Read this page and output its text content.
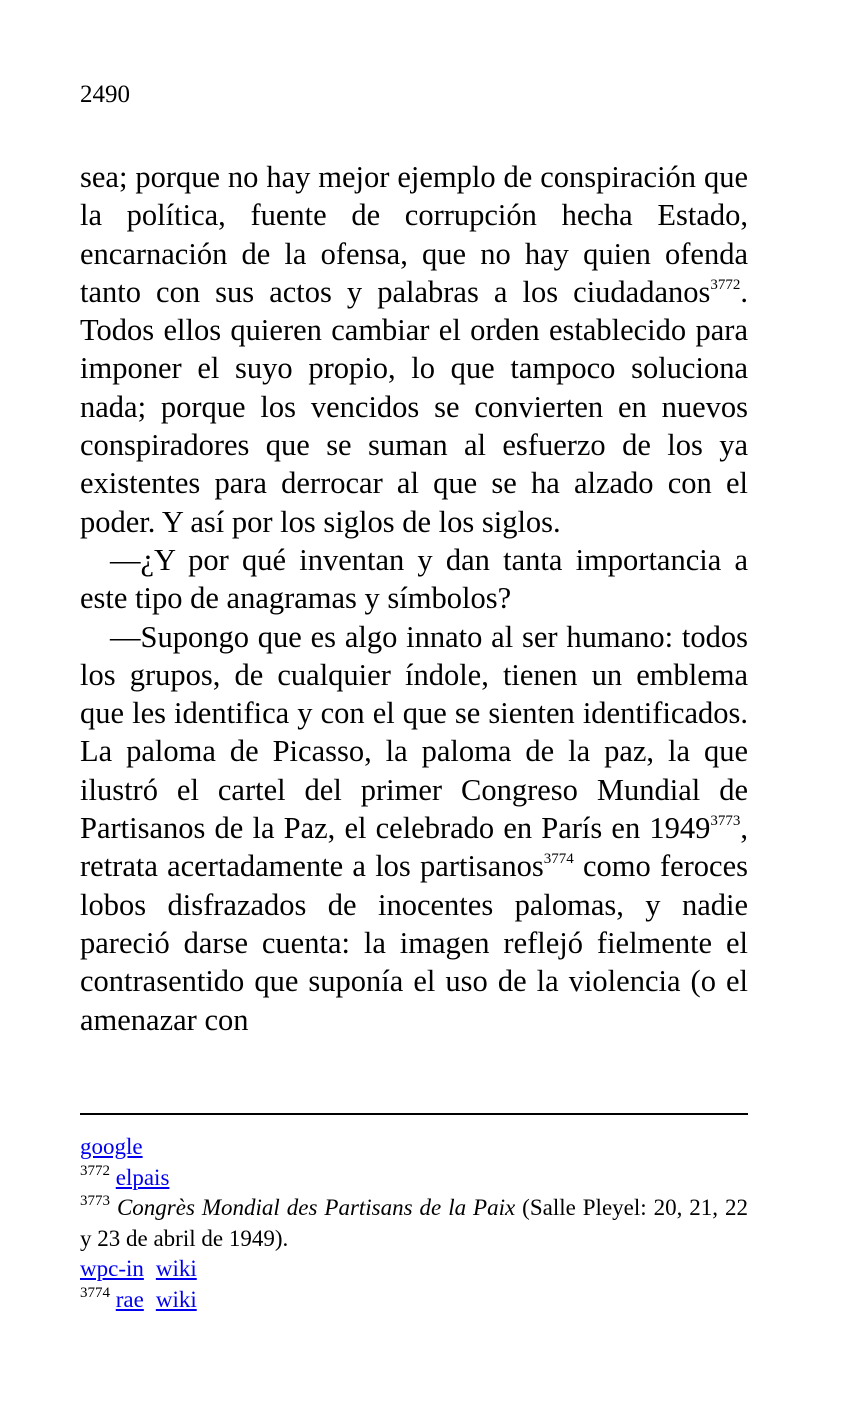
2490

sea; porque no hay mejor ejemplo de conspiración que la política, fuente de corrupción hecha Estado, encarnación de la ofensa, que no hay quien ofenda tanto con sus actos y palabras a los ciudadanos$^{3772}$. Todos ellos quieren cambiar el orden establecido para imponer el suyo propio, lo que tampoco soluciona nada; porque los vencidos se convierten en nuevos conspiradores que se suman al esfuerzo de los ya existentes para derrocar al que se ha alzado con el poder. Y así por los siglos de los siglos.

—¿Y por qué inventan y dan tanta importancia a este tipo de anagramas y símbolos?

—Supongo que es algo innato al ser humano: todos los grupos, de cualquier índole, tienen un emblema que les identifica y con el que se sienten identificados. La paloma de Picasso, la paloma de la paz, la que ilustró el cartel del primer Congreso Mundial de Partisanos de la Paz, el celebrado en París en $1949^{3773}$, retrata acertadamente a los partisanos$^{3774}$ como feroces lobos disfrazados de inocentes palomas, y nadie pareció darse cuenta: la imagen reflejó fielmente el contrasentido que suponía el uso de la violencia (o el amenazar con

google
$^{3772}$ elpais
$^{3773}$ Congrès Mondial des Partisans de la Paix (Salle Pleyel: 20, 21, 22 y 23 de abril de 1949).
wpc-in wiki
$^{3774}$ rae wiki
